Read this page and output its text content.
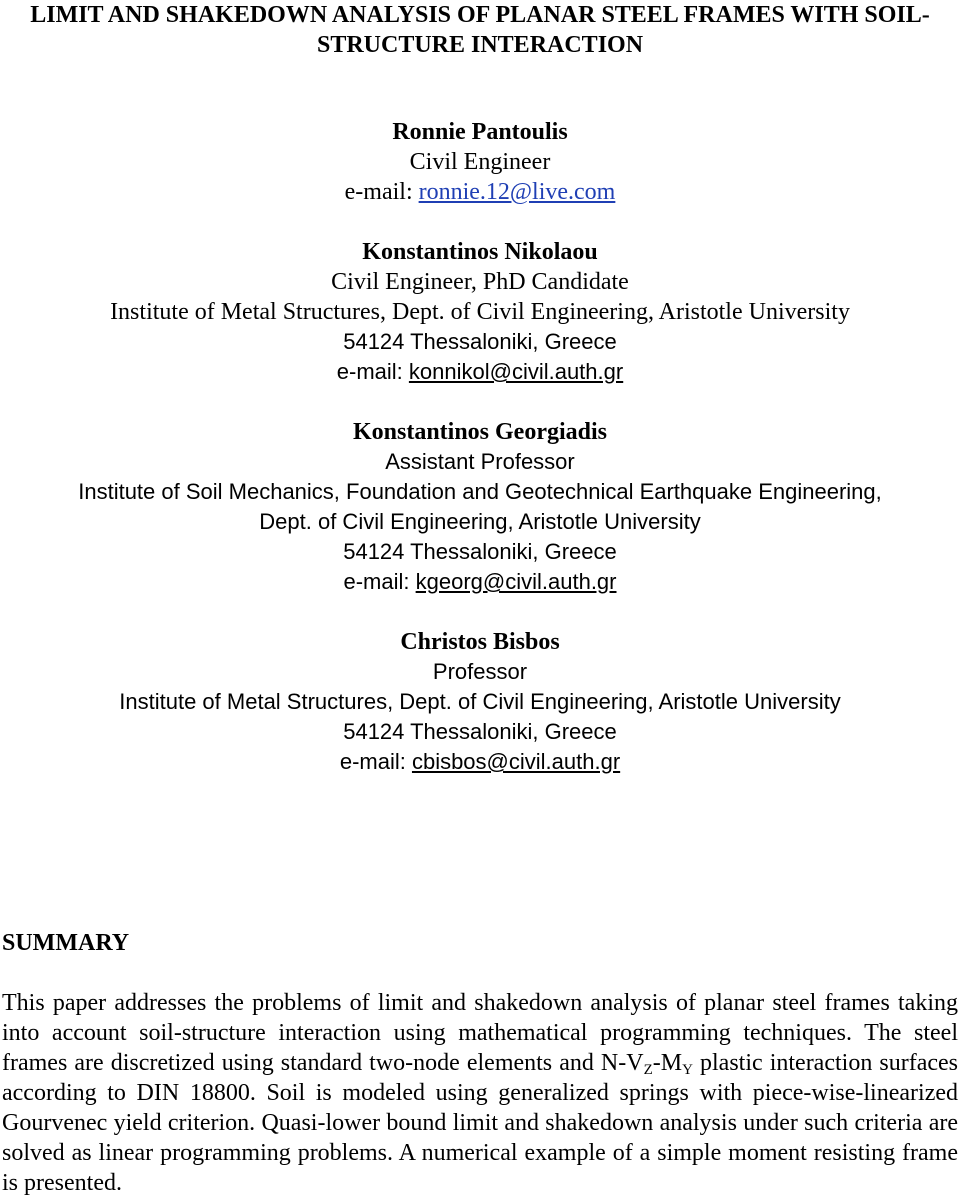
LIMIT AND SHAKEDOWN ANALYSIS OF PLANAR STEEL FRAMES WITH SOIL-STRUCTURE INTERACTION
Ronnie Pantoulis
Civil Engineer
e-mail: ronnie.12@live.com
Konstantinos Nikolaou
Civil Engineer, PhD Candidate
Institute of Metal Structures, Dept. of Civil Engineering, Aristotle University
54124 Thessaloniki, Greece
e-mail: konnikol@civil.auth.gr
Konstantinos Georgiadis
Assistant Professor
Institute of Soil Mechanics, Foundation and Geotechnical Earthquake Engineering,
Dept. of Civil Engineering, Aristotle University
54124 Thessaloniki, Greece
e-mail: kgeorg@civil.auth.gr
Christos Bisbos
Professor
Institute of Metal Structures, Dept. of Civil Engineering, Aristotle University
54124 Thessaloniki, Greece
e-mail: cbisbos@civil.auth.gr
SUMMARY

This paper addresses the problems of limit and shakedown analysis of planar steel frames taking into account soil-structure interaction using mathematical programming techniques. The steel frames are discretized using standard two-node elements and $N-V_Z-M_Y$ plastic interaction surfaces according to DIN 18800. Soil is modeled using generalized springs with piece-wise-linearized Gourvenec yield criterion. Quasi-lower bound limit and shakedown analysis under such criteria are solved as linear programming problems. A numerical example of a simple moment resisting frame is presented.
